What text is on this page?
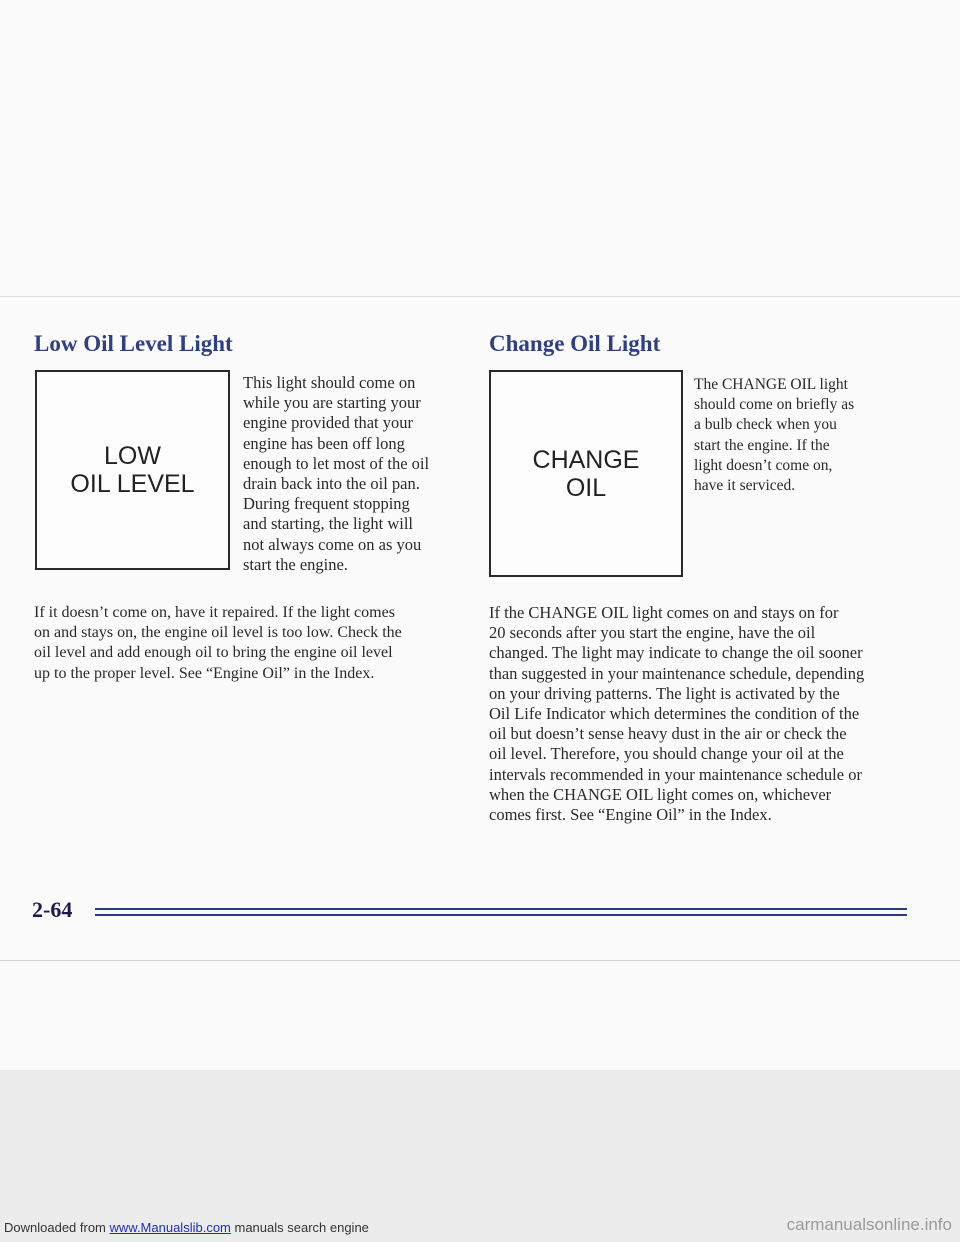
Low Oil Level Light
LOW
OIL LEVEL
This light should come on
while you are starting your
engine provided that your
engine has been off long
enough to let most of the oil
drain back into the oil pan.
During frequent stopping
and starting, the light will
not always come on as you
start the engine.
If it doesn’t come on, have it repaired. If the light comes
on and stays on, the engine oil level is too low. Check the
oil level and add enough oil to bring the engine oil level
up to the proper level. See “Engine Oil” in the Index.
Change Oil Light
CHANGE
OIL
The CHANGE OIL light
should come on briefly as
a bulb check when you
start the engine. If the
light doesn’t come on,
have it serviced.
If the CHANGE OIL light comes on and stays on for
20 seconds after you start the engine, have the oil
changed. The light may indicate to change the oil sooner
than suggested in your maintenance schedule, depending
on your driving patterns. The light is activated by the
Oil Life Indicator which determines the condition of the
oil but doesn’t sense heavy dust in the air or check the
oil level. Therefore, you should change your oil at the
intervals recommended in your maintenance schedule or
when the CHANGE OIL light comes on, whichever
comes first. See “Engine Oil” in the Index.
2-64
Downloaded from www.Manualslib.com manuals search engine	carmanualsonline.info
